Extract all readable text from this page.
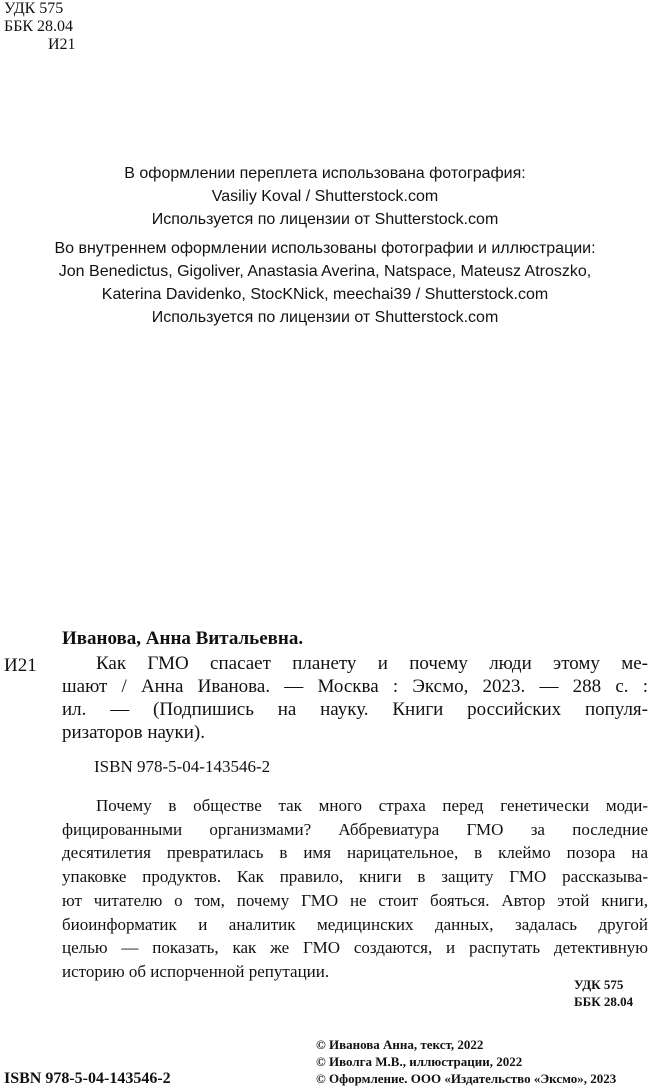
УДК 575
ББК 28.04
И21
В оформлении переплета использована фотография:
Vasiliy Koval / Shutterstock.com
Используется по лицензии от Shutterstock.com
Во внутреннем оформлении использованы фотографии и иллюстрации:
Jon Benedictus, Gigoliver, Anastasia Averina, Natspace, Mateusz Atroszko,
Katerina Davidenko, StocKNick, meechai39 / Shutterstock.com
Используется по лицензии от Shutterstock.com
Иванова, Анна Витальевна.
И21	Как ГМО спасает планету и почему люди этому ме-
шают / Анна Иванова. — Москва : Эксмо, 2023. — 288 с. :
ил. — (Подпишись на науку. Книги российских популя-
ризаторов науки).
ISBN 978-5-04-143546-2
Почему в обществе так много страха перед генетически моди-
фицированными организмами? Аббревиатура ГМО за последние
десятилетия превратилась в имя нарицательное, в клеймо позора на
упаковке продуктов. Как правило, книги в защиту ГМО рассказыва-
ют читателю о том, почему ГМО не стоит бояться. Автор этой книги,
биоинформатик и аналитик медицинских данных, задалась другой
целью — показать, как же ГМО создаются, и распутать детективную
историю об испорченной репутации.
УДК 575
ББК 28.04
© Иванова Анна, текст, 2022
© Иволга М.В., иллюстрации, 2022
© Оформление. ООО «Издательство «Эксмо», 2023
ISBN 978-5-04-143546-2
